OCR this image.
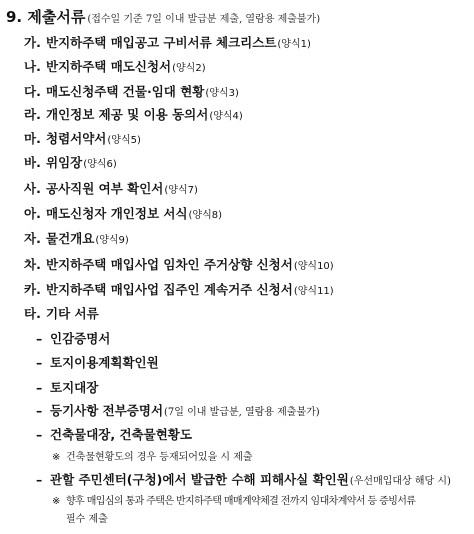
9. 제출서류 (접수일 기준 7일 이내 발급분 제출, 열람용 제출불가)
가. 반지하주택 매입공고 구비서류 체크리스트(양식1)
나. 반지하주택 매도신청서(양식2)
다. 매도신청주택 건물·임대 현황(양식3)
라. 개인정보 제공 및 이용 동의서(양식4)
마. 청렴서약서(양식5)
바. 위임장(양식6)
사. 공사직원 여부 확인서(양식7)
아. 매도신청자 개인정보 서식(양식8)
자. 물건개요(양식9)
차. 반지하주택 매입사업 임차인 주거상향 신청서(양식10)
카. 반지하주택 매입사업 집주인 계속거주 신청서(양식11)
타. 기타 서류
– 인감증명서
– 토지이용계획확인원
– 토지대장
– 등기사항 전부증명서(7일 이내 발급분, 열람용 제출불가)
– 건축물대장, 건축물현황도
※ 건축물현황도의 경우 등재되어있을 시 제출
– 관할 주민센터(구청)에서 발급한 수해 피해사실 확인원(우선매입대상 해당 시)
※ 향후 매입심의 통과 주택은 반지하주택 매매계약체결 전까지 임대차계약서 등 증빙서류
필수 제출
